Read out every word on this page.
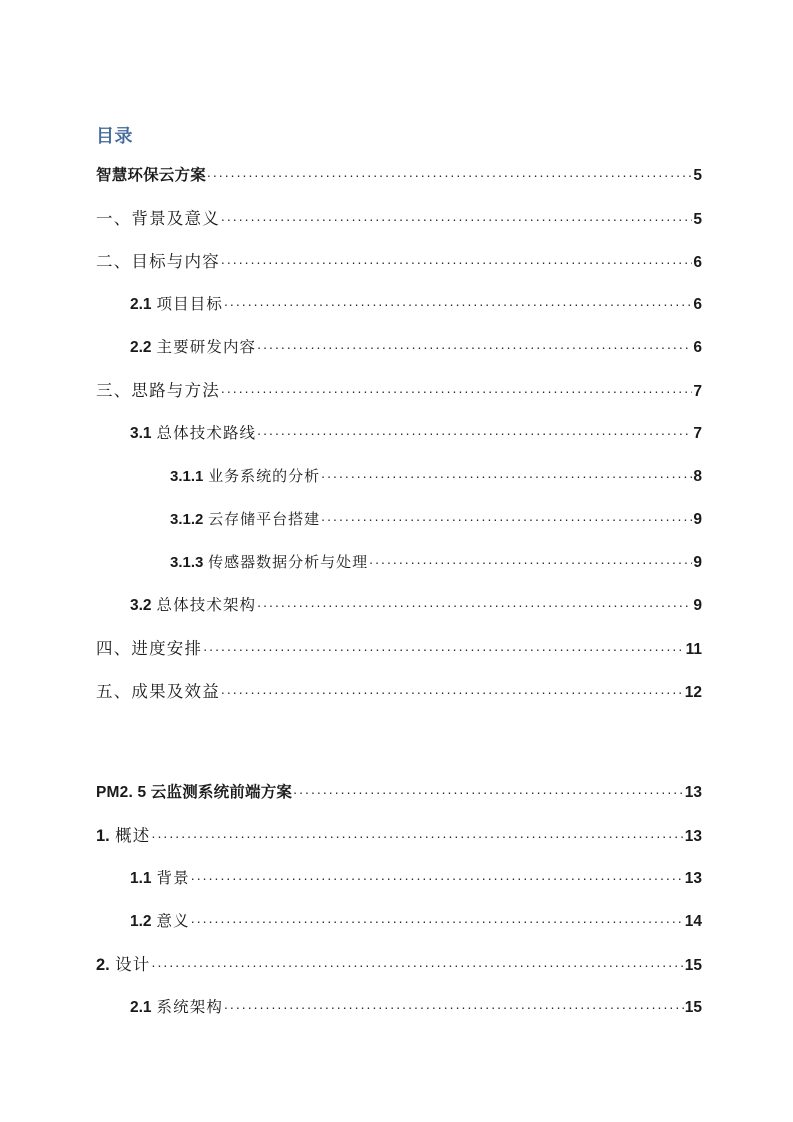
目录
智慧环保云方案 .....	5
一、背景及意义 .....	5
二、目标与内容 .....	6
2.1 项目目标 .....	6
2.2 主要研发内容 .....	6
三、思路与方法 .....	7
3.1 总体技术路线 .....	7
3.1.1 业务系统的分析 .....	8
3.1.2 云存储平台搭建 .....	9
3.1.3 传感器数据分析与处理 .....	9
3.2 总体技术架构 .....	9
四、进度安排 .....	11
五、成果及效益 .....	12
PM2. 5 云监测系统前端方案 .....	13
1. 概述 .....	13
1.1 背景 .....	13
1.2 意义 .....	14
2. 设计 .....	15
2.1 系统架构 .....	15
